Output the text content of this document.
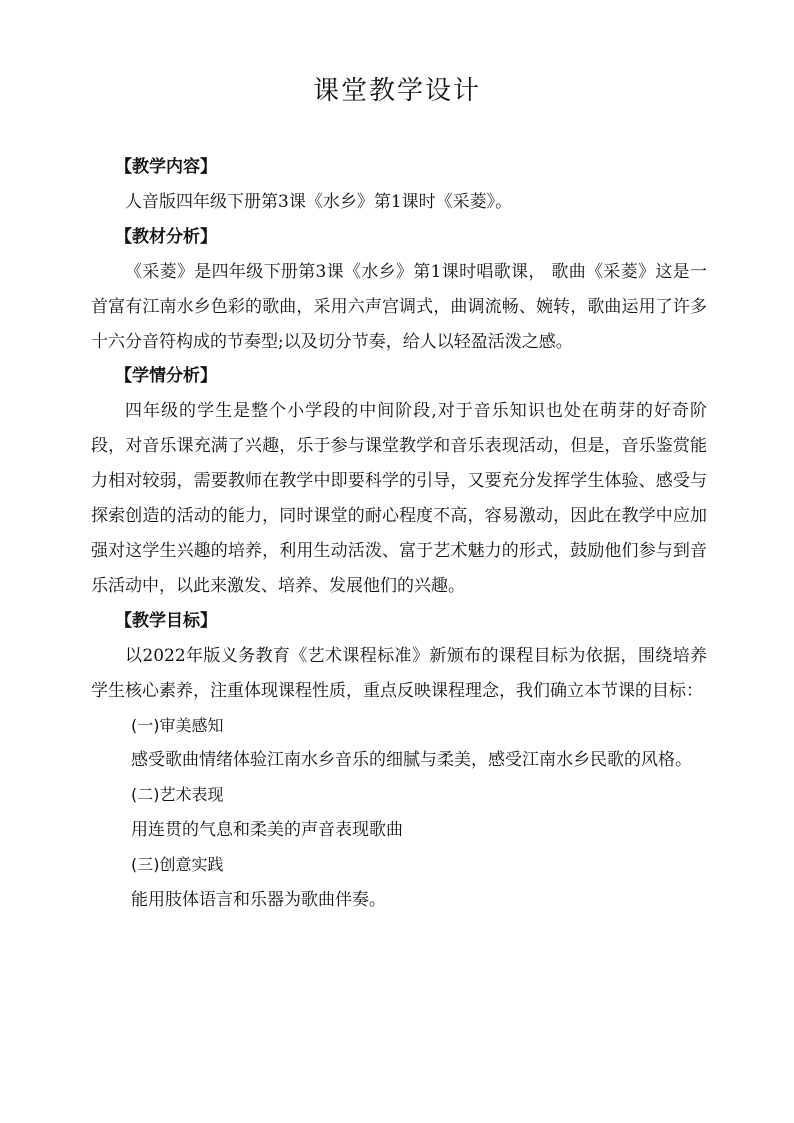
课堂教学设计

【教学内容】

人音版四年级下册第3课《水乡》第1课时《采菱》。

【教材分析】

《采菱》是四年级下册第3课《水乡》第1课时唱歌课， 歌曲《采菱》这是一首富有江南水乡色彩的歌曲，采用六声宫调式，曲调流畅、婉转，歌曲运用了许多十六分音符构成的节奏型;以及切分节奏，给人以轻盈活泼之感。

【学情分析】

四年级的学生是整个小学段的中间阶段,对于音乐知识也处在萌芽的好奇阶段，对音乐课充满了兴趣，乐于参与课堂教学和音乐表现活动，但是，音乐鉴赏能力相对较弱，需要教师在教学中即要科学的引导，又要充分发挥学生体验、感受与探索创造的活动的能力，同时课堂的耐心程度不高，容易激动，因此在教学中应加强对这学生兴趣的培养，利用生动活泼、富于艺术魅力的形式，鼓励他们参与到音乐活动中，以此来激发、培养、发展他们的兴趣。

【教学目标】

以2022年版义务教育《艺术课程标准》新颁布的课程目标为依据，围绕培养学生核心素养，注重体现课程性质，重点反映课程理念，我们确立本节课的目标：

(一)审美感知

感受歌曲情绪体验江南水乡音乐的细腻与柔美，感受江南水乡民歌的风格。

(二)艺术表现

用连贯的气息和柔美的声音表现歌曲

(三)创意实践

能用肢体语言和乐器为歌曲伴奏。
